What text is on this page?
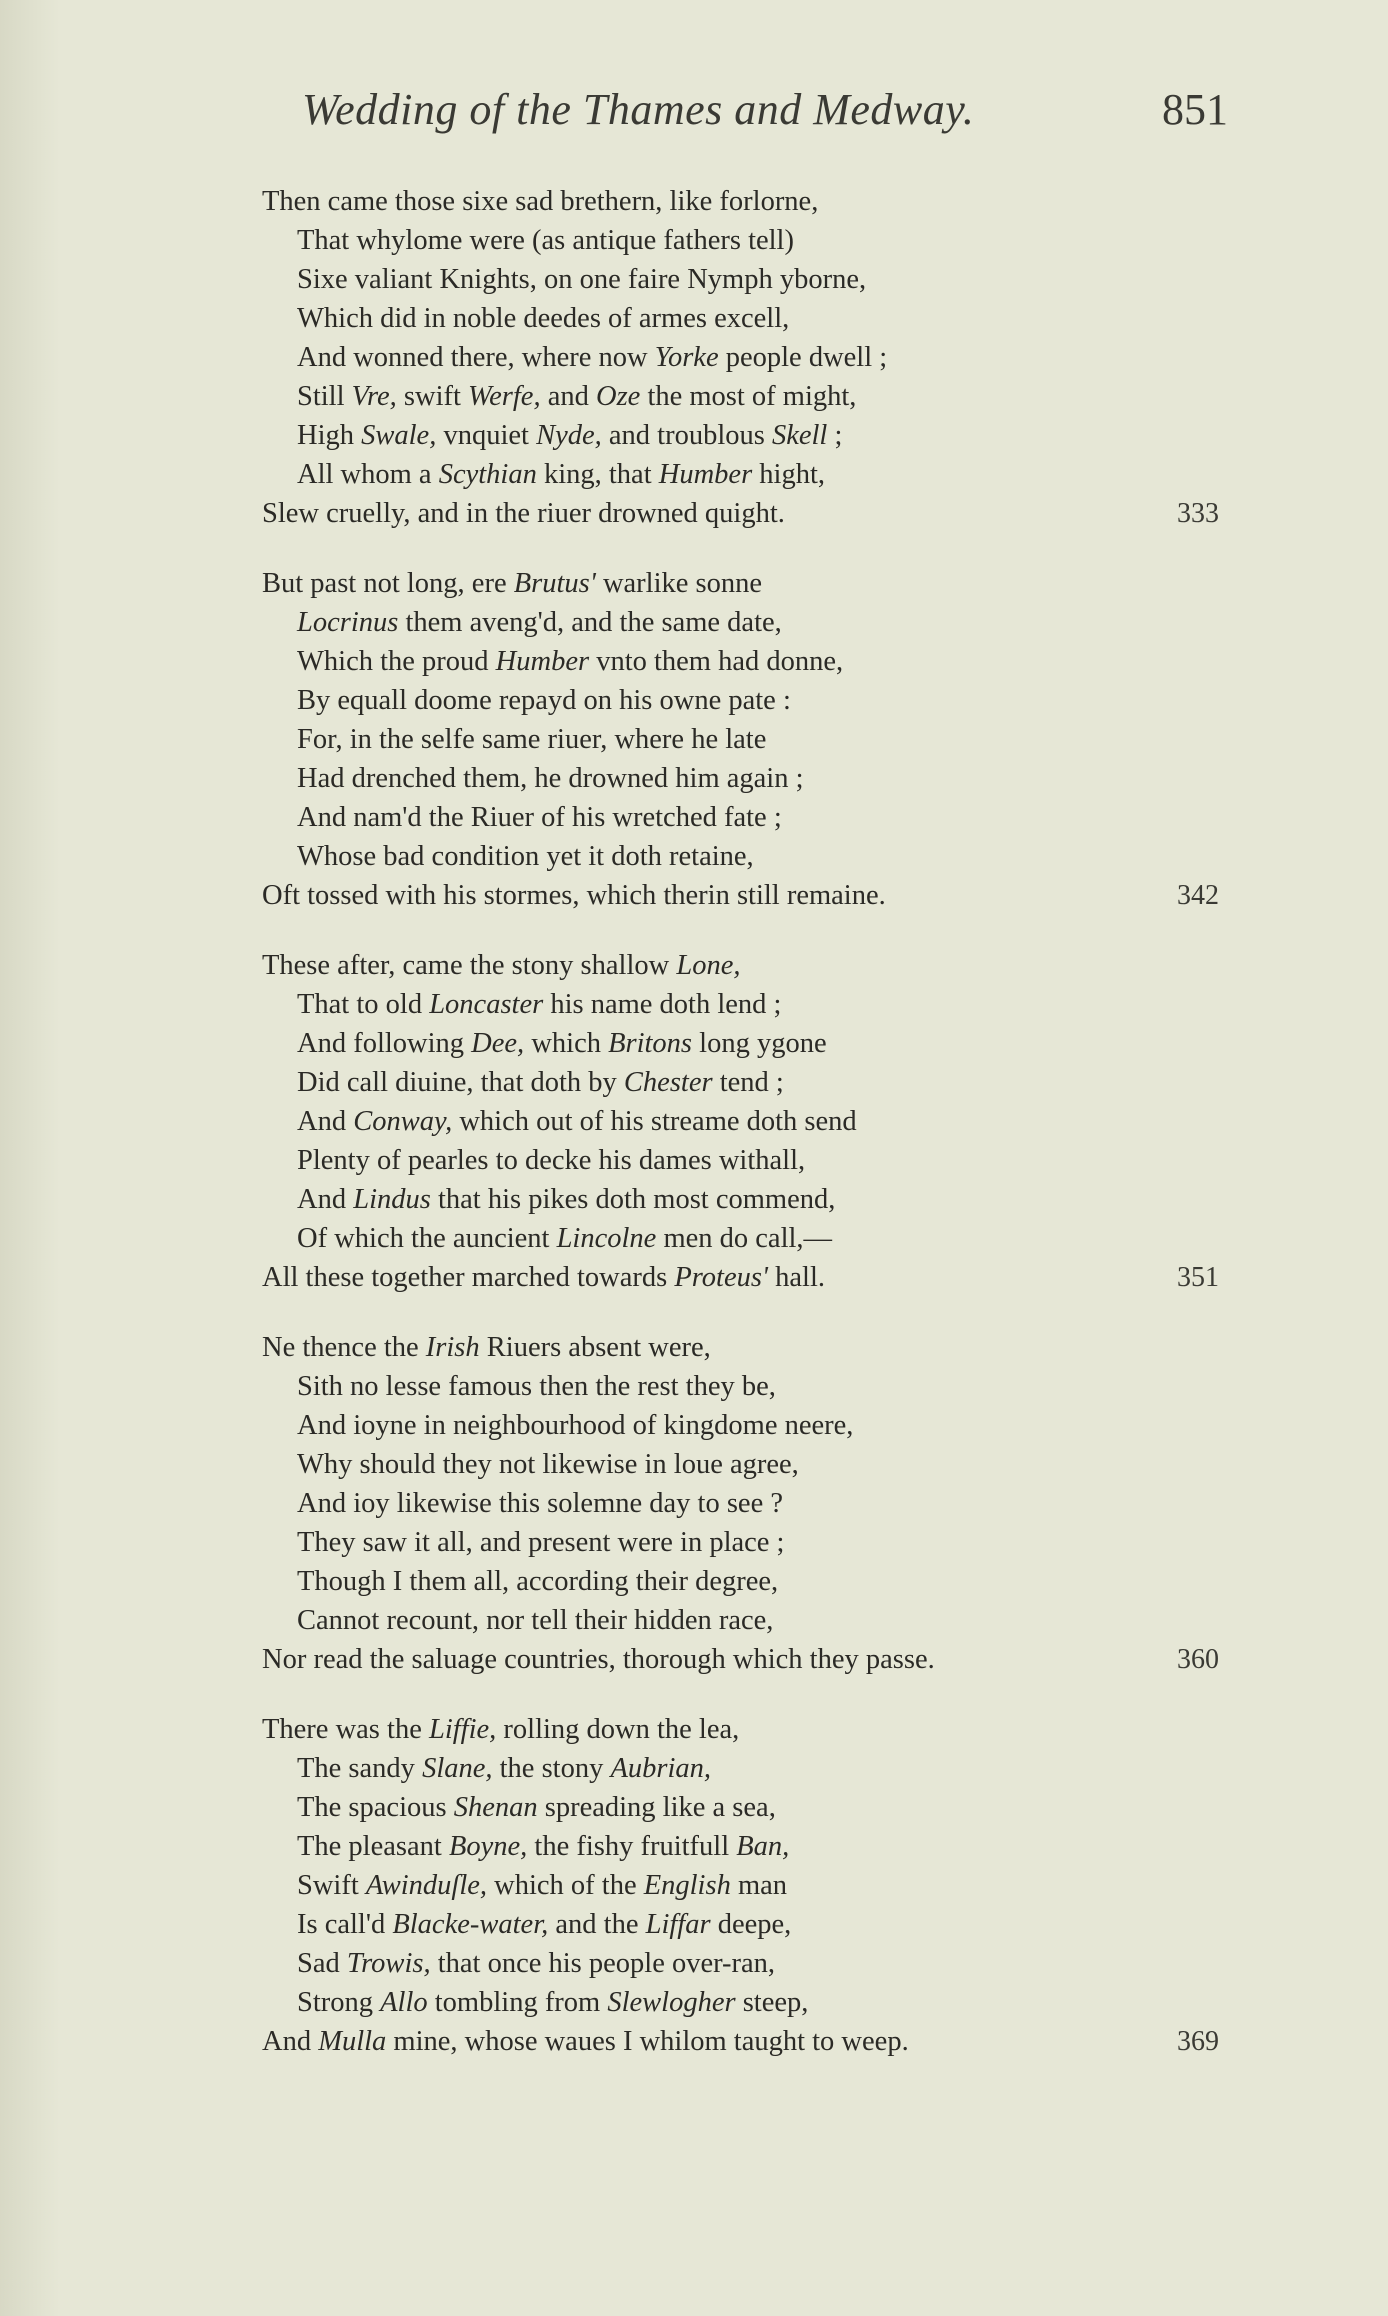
Wedding of the Thames and Medway.	851
Then came those sixe sad brethern, like forlorne,
That whylome were (as antique fathers tell)
Sixe valiant Knights, on one faire Nymph yborne,
Which did in noble deedes of armes excell,
And wonned there, where now Yorke people dwell ;
Still Vre, swift Werfe, and Oze the most of might,
High Swale, vnquiet Nyde, and troublous Skell ;
All whom a Scythian king, that Humber hight,
Slew cruelly, and in the riuer drowned quight.	333
But past not long, ere Brutus' warlike sonne
Locrinus them aveng'd, and the same date,
Which the proud Humber vnto them had donne,
By equall doome repayd on his owne pate :
For, in the selfe same riuer, where he late
Had drenched them, he drowned him again ;
And nam'd the Riuer of his wretched fate ;
Whose bad condition yet it doth retaine,
Oft tossed with his stormes, which therin still remaine.	342
These after, came the stony shallow Lone,
That to old Loncaster his name doth lend ;
And following Dee, which Britons long ygone
Did call diuine, that doth by Chester tend ;
And Conway, which out of his streame doth send
Plenty of pearles to decke his dames withall,
And Lindus that his pikes doth most commend,
Of which the auncient Lincolne men do call,—
All these together marched towards Proteus' hall.	351
Ne thence the Irish Riuers absent were,
Sith no lesse famous then the rest they be,
And ioyne in neighbourhood of kingdome neere,
Why should they not likewise in loue agree,
And ioy likewise this solemne day to see ?
They saw it all, and present were in place ;
Though I them all, according their degree,
Cannot recount, nor tell their hidden race,
Nor read the saluage countries, thorough which they passe.	360
There was the Liffie, rolling down the lea,
The sandy Slane, the stony Aubrian,
The spacious Shenan spreading like a sea,
The pleasant Boyne, the fishy fruitfull Ban,
Swift Awinduſle, which of the English man
Is call'd Blacke-water, and the Liffar deepe,
Sad Trowis, that once his people over-ran,
Strong Allo tombling from Slewlogher steep,
And Mulla mine, whose waues I whilom taught to weep.	369
